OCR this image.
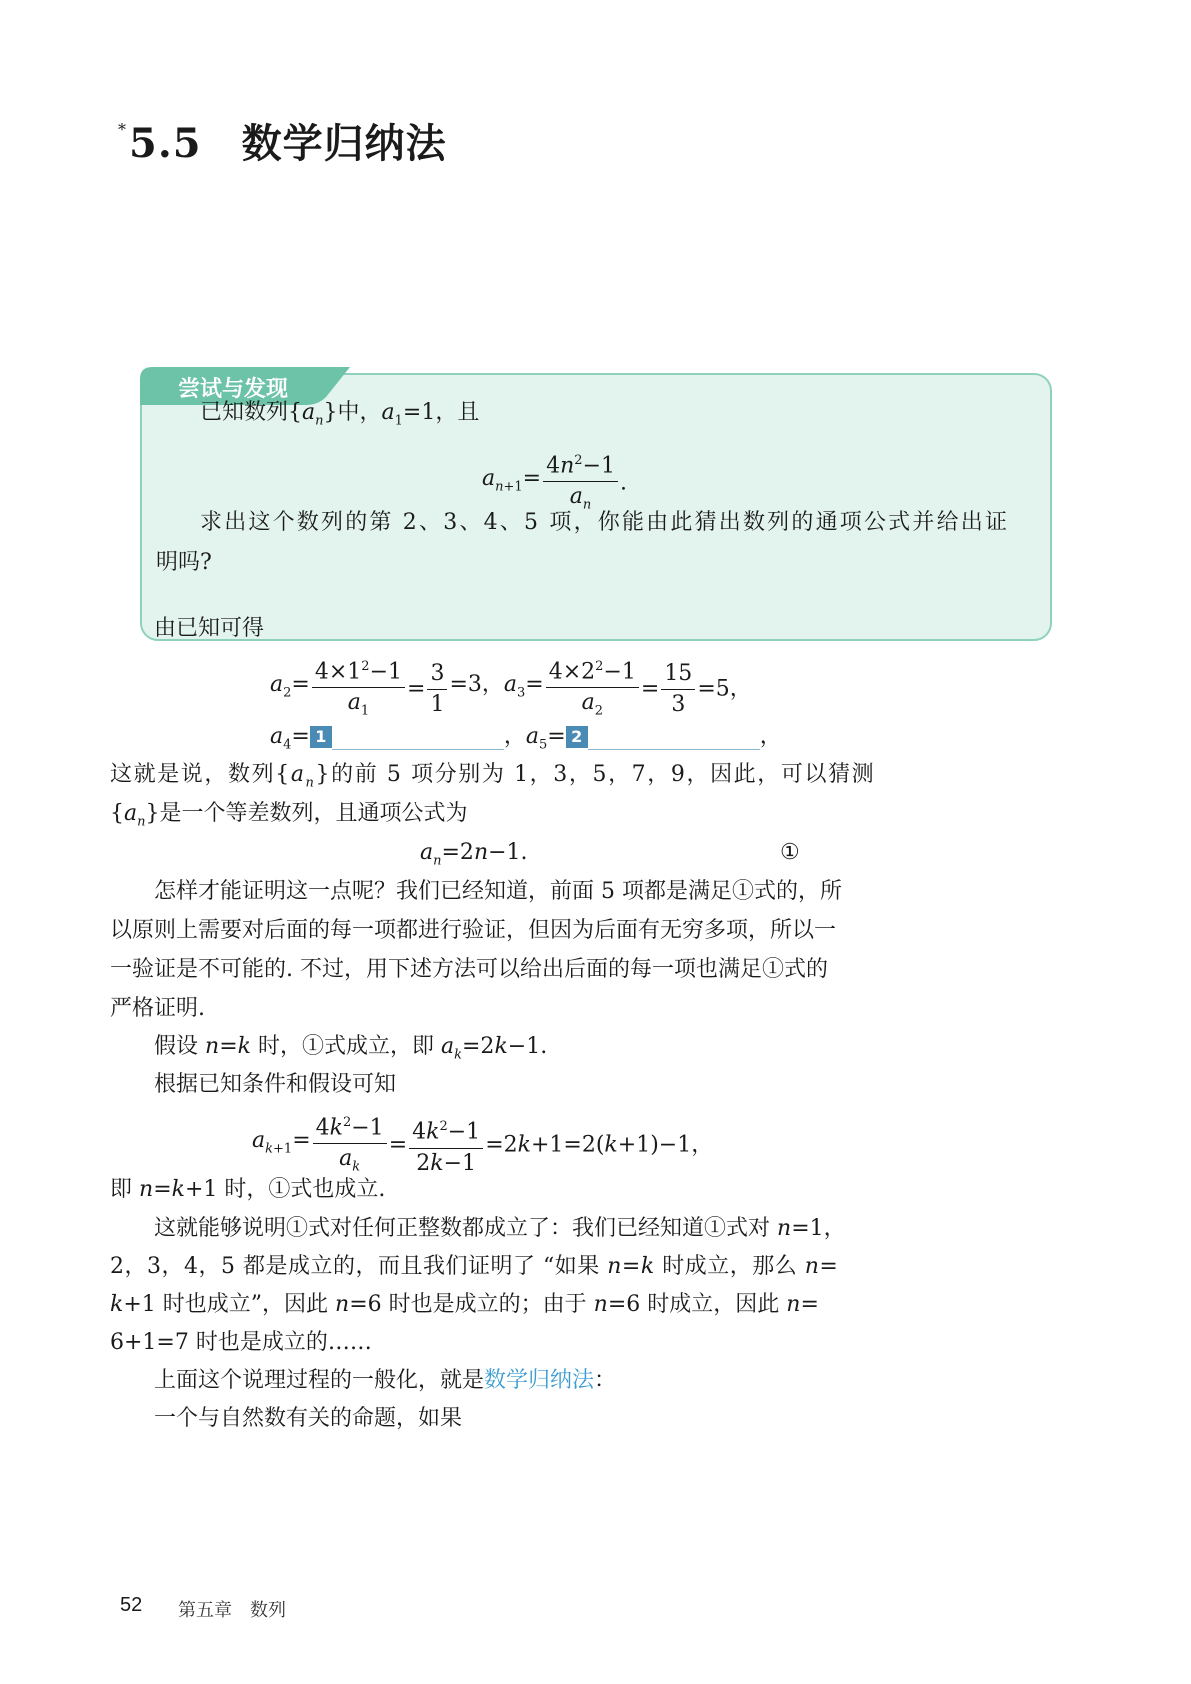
*5.5 数学归纳法
尝试与发现
已知数列$\{a_n\}$中，$a_1=1$，且
$a_{n+1}= \frac{4n^2-1}{a_n}$ .
求出这个数列的第 2、3、4、5 项，你能由此猜出数列的通项公式并给出证
明吗?
由已知可得
$a_2= \frac{4\times 1^2-1}{a_1} = \frac{3}{1} =3$，$a_3= \frac{4\times 2^2-1}{a_2} = \frac{15}{3} =5$，
$a_4= 1$	，$a_5= 2$	，
这就是说，数列$\{a_n\}$的前 5 项分别为 1，3，5，7，9，因此，可以猜测
$\{a_n\}$是一个等差数列，且通项公式为
$a_n=2n-1$.	①
怎样才能证明这一点呢？我们已经知道，前面 5 项都是满足①式的，所
以原则上需要对后面的每一项都进行验证，但因为后面有无穷多项，所以一
一验证是不可能的. 不过，用下述方法可以给出后面的每一项也满足①式的
严格证明.
假设 n=k 时，①式成立，即 $a_k=2k-1$.
根据已知条件和假设可知
$a_{k+1}= \frac{4k^2-1}{a_k} = \frac{4k^2-1}{2k-1} =2k+1=2(k+1)-1$，
即 n=k+1 时，①式也成立.
这就能够说明①式对任何正整数都成立了：我们已经知道①式对 n=1，
2，3，4，5 都是成立的，而且我们证明了 “如果 n=k 时成立，那么 n=
k+1 时也成立”，因此 n=6 时也是成立的；由于 n=6 时成立，因此 n=
6+1=7 时也是成立的……
上面这个说理过程的一般化，就是数学归纳法：
一个与自然数有关的命题，如果
52 第五章　数列
